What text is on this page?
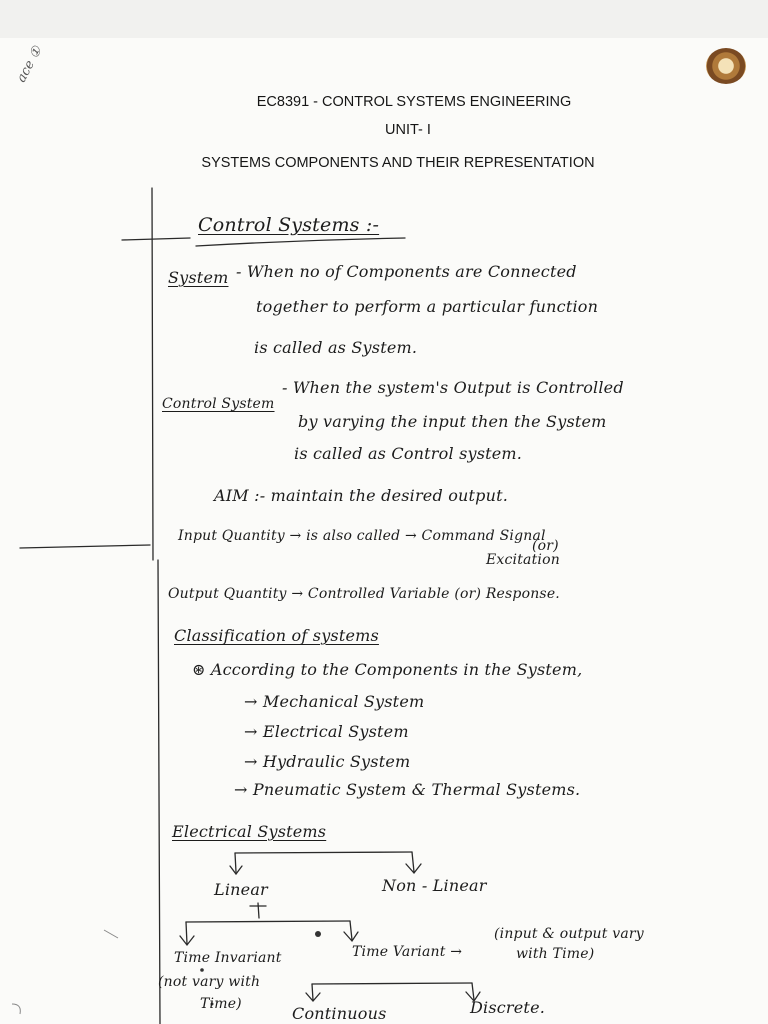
ace ①
EC8391 - CONTROL SYSTEMS ENGINEERING
UNIT- I
SYSTEMS COMPONENTS AND THEIR REPRESENTATION
Control Systems :-
System - When no of Components are Connected
together to perform a particular function
is called as System.
Control System
- When the system's Output is Controlled
by varying the input then the System
is called as Control system.
AIM :- maintain the desired output.
Input Quantity → is also called → Command Signal
(or)
Excitation
Output Quantity → Controlled Variable (or) Response.
Classification of systems
⊛ According to the Components in the System,
→ Mechanical System
→ Electrical System
→ Hydraulic System
→ Pneumatic System & Thermal Systems.
Electrical Systems
Linear	Non - Linear
Time Invariant
(not vary with
Time)
Time Variant →
(input & output vary
with Time)
Continuous	Discrete.
